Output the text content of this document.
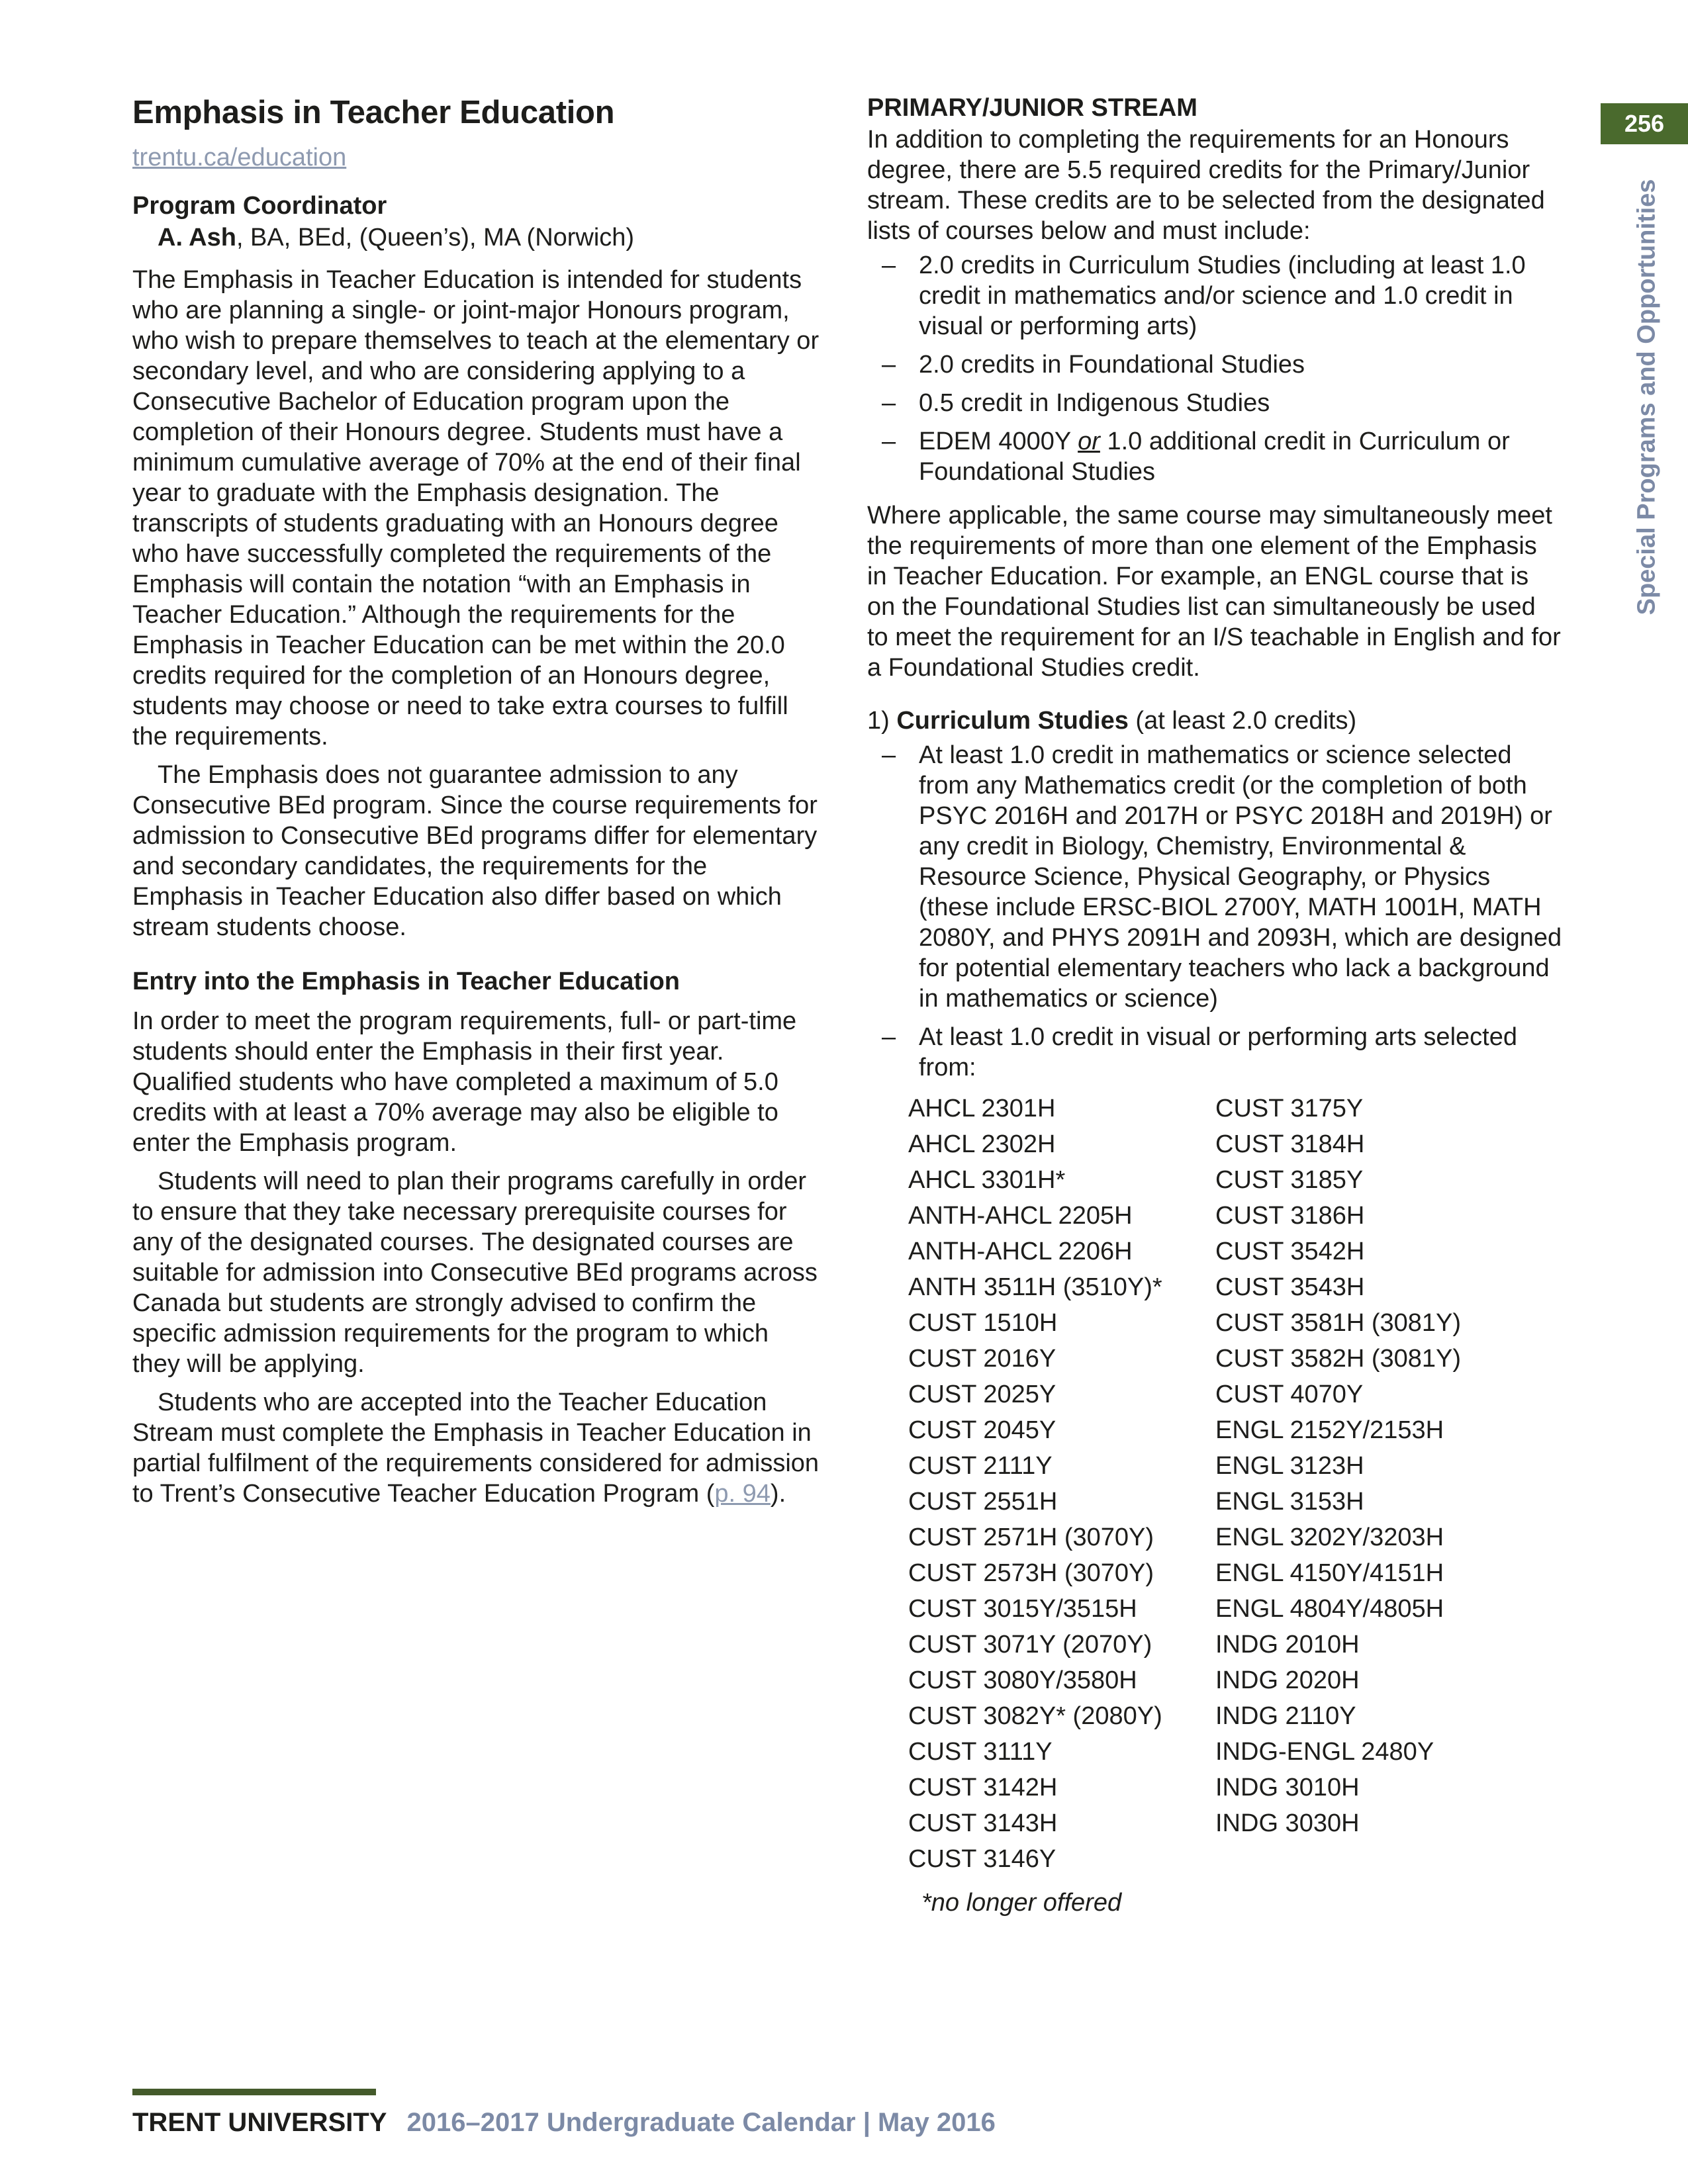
256
Special Programs and Opportunities
Emphasis in Teacher Education
trentu.ca/education
Program Coordinator

A. Ash, BA, BEd, (Queen’s), MA (Norwich)

The Emphasis in Teacher Education is intended for students who are planning a single- or joint-major Honours program, who wish to prepare themselves to teach at the elementary or secondary level, and who are considering applying to a Consecutive Bachelor of Education program upon the completion of their Honours degree. Students must have a minimum cumulative average of 70% at the end of their final year to graduate with the Emphasis designation. The transcripts of students graduating with an Honours degree who have successfully completed the requirements of the Emphasis will contain the notation “with an Emphasis in Teacher Education.” Although the requirements for the Emphasis in Teacher Education can be met within the 20.0 credits required for the completion of an Honours degree, students may choose or need to take extra courses to fulfill the requirements.

The Emphasis does not guarantee admission to any Consecutive BEd program. Since the course requirements for admission to Consecutive BEd programs differ for elementary and secondary candidates, the requirements for the Emphasis in Teacher Education also differ based on which stream students choose.

Entry into the Emphasis in Teacher Education

In order to meet the program requirements, full- or part-time students should enter the Emphasis in their first year. Qualified students who have completed a maximum of 5.0 credits with at least a 70% average may also be eligible to enter the Emphasis program.

Students will need to plan their programs carefully in order to ensure that they take necessary prerequisite courses for any of the designated courses. The designated courses are suitable for admission into Consecutive BEd programs across Canada but students are strongly advised to confirm the specific admission requirements for the program to which they will be applying.

Students who are accepted into the Teacher Education Stream must complete the Emphasis in Teacher Education in partial fulfilment of the requirements considered for admission to Trent’s Consecutive Teacher Education Program (p. 94).

PRIMARY/JUNIOR STREAM

In addition to completing the requirements for an Honours degree, there are 5.5 required credits for the Primary/Junior stream. These credits are to be selected from the designated lists of courses below and must include:

– 2.0 credits in Curriculum Studies (including at least 1.0 credit in mathematics and/or science and 1.0 credit in visual or performing arts)
– 2.0 credits in Foundational Studies
– 0.5 credit in Indigenous Studies
– EDEM 4000Y or 1.0 additional credit in Curriculum or Foundational Studies

Where applicable, the same course may simultaneously meet the requirements of more than one element of the Emphasis in Teacher Education. For example, an ENGL course that is on the Foundational Studies list can simultaneously be used to meet the requirement for an I/S teachable in English and for a Foundational Studies credit.

1) Curriculum Studies (at least 2.0 credits)

– At least 1.0 credit in mathematics or science selected from any Mathematics credit (or the completion of both PSYC 2016H and 2017H or PSYC 2018H and 2019H) or any credit in Biology, Chemistry, Environmental & Resource Science, Physical Geography, or Physics (these include ERSC-BIOL 2700Y, MATH 1001H, MATH 2080Y, and PHYS 2091H and 2093H, which are designed for potential elementary teachers who lack a background in mathematics or science)
– At least 1.0 credit in visual or performing arts selected from:
AHCL 2301H	CUST 3175Y
AHCL 2302H	CUST 3184H
AHCL 3301H*	CUST 3185Y
ANTH-AHCL 2205H	CUST 3186H
ANTH-AHCL 2206H	CUST 3542H
ANTH 3511H (3510Y)*	CUST 3543H
CUST 1510H	CUST 3581H (3081Y)
CUST 2016Y	CUST 3582H (3081Y)
CUST 2025Y	CUST 4070Y
CUST 2045Y	ENGL 2152Y/2153H
CUST 2111Y	ENGL 3123H
CUST 2551H	ENGL 3153H
CUST 2571H (3070Y)	ENGL 3202Y/3203H
CUST 2573H (3070Y)	ENGL 4150Y/4151H
CUST 3015Y/3515H	ENGL 4804Y/4805H
CUST 3071Y (2070Y)	INDG 2010H
CUST 3080Y/3580H	INDG 2020H
CUST 3082Y* (2080Y)	INDG 2110Y
CUST 3111Y	INDG-ENGL 2480Y
CUST 3142H	INDG 3010H
CUST 3143H	INDG 3030H
CUST 3146Y	
*no longer offered
TRENT UNIVERSITY 2016–2017 Undergraduate Calendar | May 2016
